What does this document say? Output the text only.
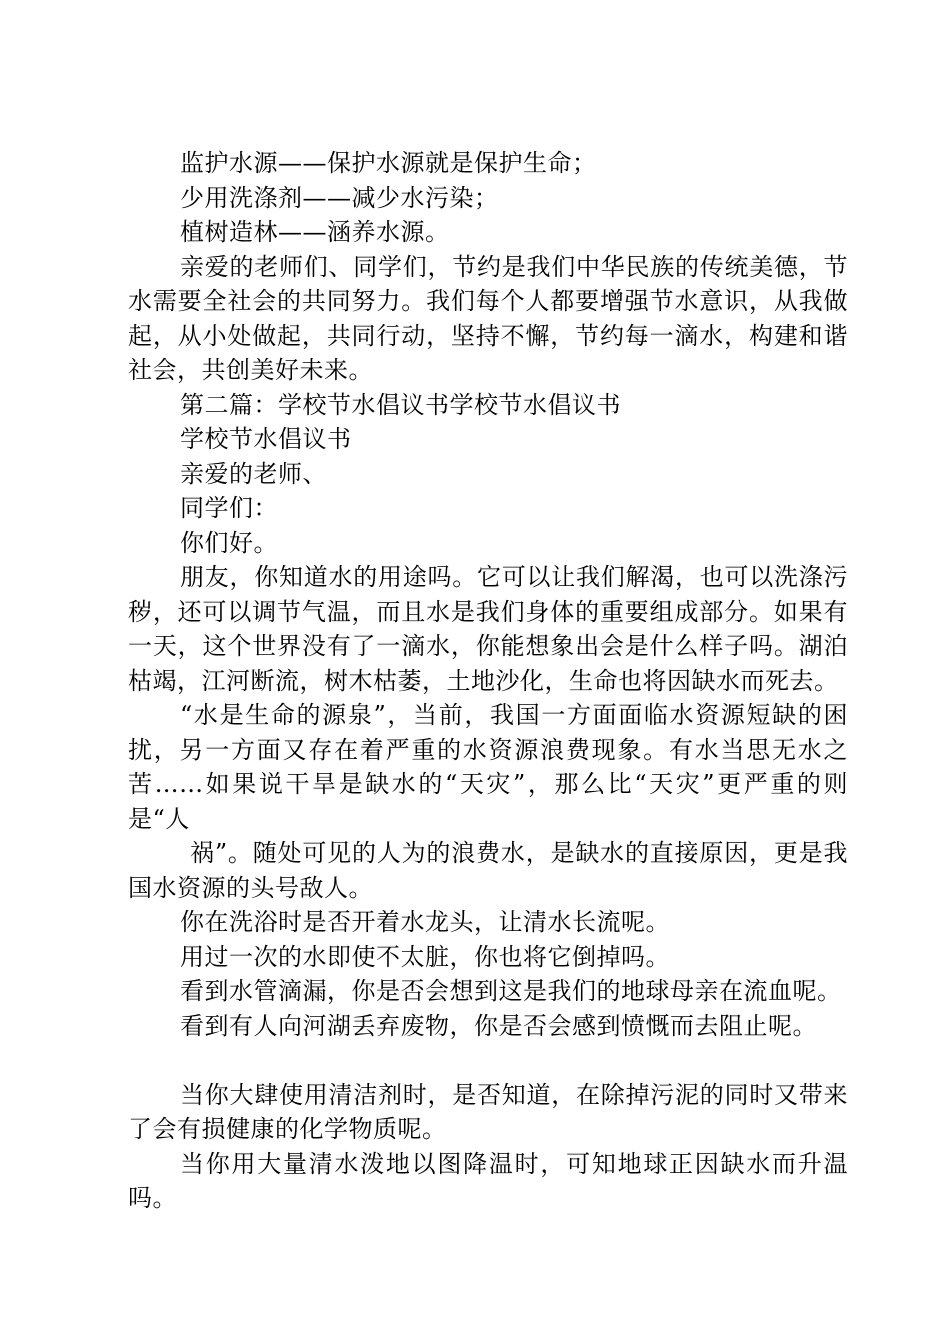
监护水源——保护水源就是保护生命；

少用洗涤剂——减少水污染；

植树造林——涵养水源。

亲爱的老师们、同学们，节约是我们中华民族的传统美德，节水需要全社会的共同努力。我们每个人都要增强节水意识，从我做起，从小处做起，共同行动，坚持不懈，节约每一滴水，构建和谐社会，共创美好未来。

第二篇：学校节水倡议书学校节水倡议书

学校节水倡议书

亲爱的老师、

同学们：

你们好。

朋友，你知道水的用途吗。它可以让我们解渴，也可以洗涤污秽，还可以调节气温，而且水是我们身体的重要组成部分。如果有一天，这个世界没有了一滴水，你能想象出会是什么样子吗。湖泊枯竭，江河断流，树木枯萎，土地沙化，生命也将因缺水而死去。

“水是生命的源泉”，当前，我国一方面面临水资源短缺的困扰，另一方面又存在着严重的水资源浪费现象。有水当思无水之苦……如果说干旱是缺水的“天灾”，那么比“天灾”更严重的则是“人

祸”。随处可见的人为的浪费水，是缺水的直接原因，更是我国水资源的头号敌人。

你在洗浴时是否开着水龙头，让清水长流呢。

用过一次的水即使不太脏，你也将它倒掉吗。

看到水管滴漏，你是否会想到这是我们的地球母亲在流血呢。

看到有人向河湖丢弃废物，你是否会感到愤慨而去阻止呢。

当你大肆使用清洁剂时，是否知道，在除掉污泥的同时又带来了会有损健康的化学物质呢。

当你用大量清水泼地以图降温时，可知地球正因缺水而升温吗。
